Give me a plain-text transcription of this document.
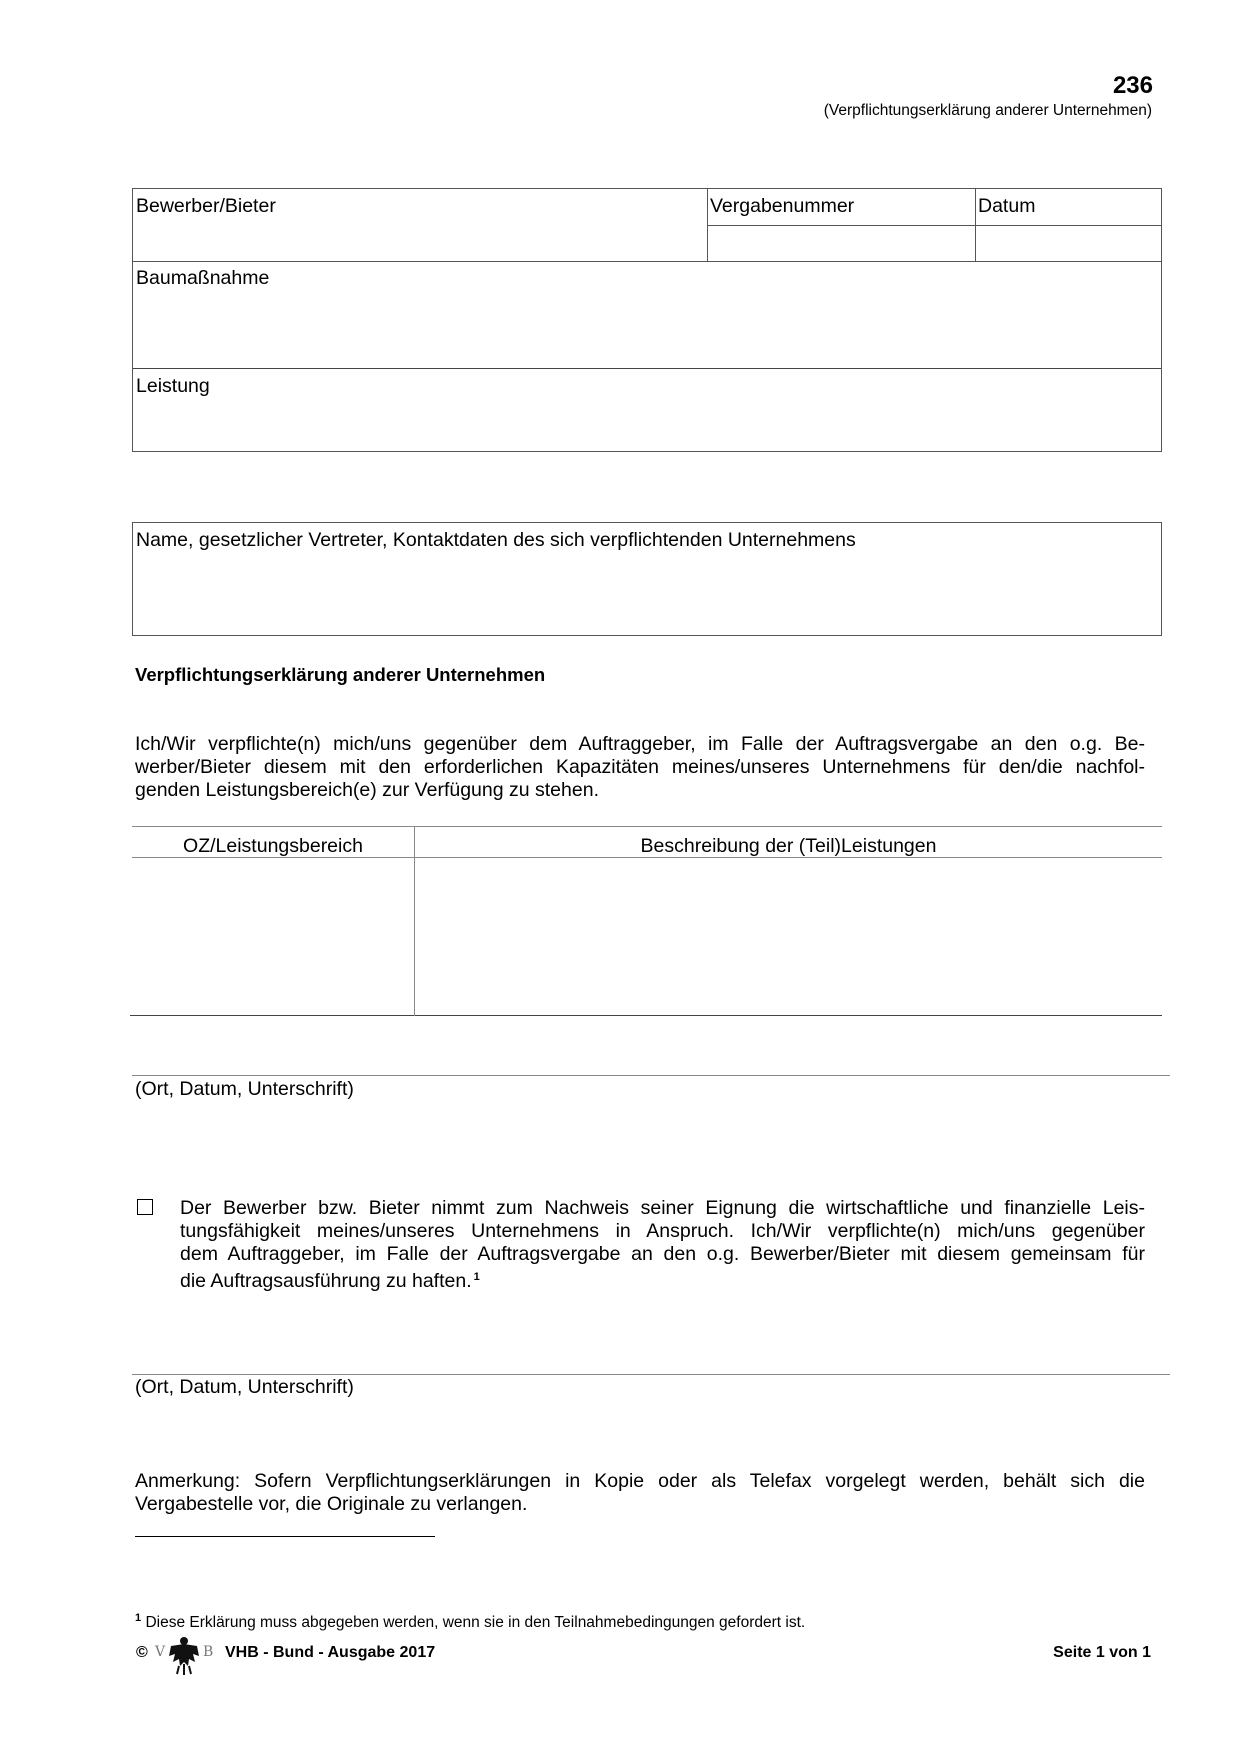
236
(Verpflichtungserklärung anderer Unternehmen)
Bewerber/Bieter	Vergabenummer	Datum
Baumaßnahme
Leistung
Name, gesetzlicher Vertreter, Kontaktdaten des sich verpflichtenden Unternehmens
Verpflichtungserklärung anderer Unternehmen
Ich/Wir verpflichte(n) mich/uns gegenüber dem Auftraggeber, im Falle der Auftragsvergabe an den o.g. Be-
werber/Bieter diesem mit den erforderlichen Kapazitäten meines/unseres Unternehmens für den/die nachfol-
genden Leistungsbereich(e) zur Verfügung zu stehen.
OZ/Leistungsbereich	Beschreibung der (Teil)Leistungen
(Ort, Datum, Unterschrift)
Der Bewerber bzw. Bieter nimmt zum Nachweis seiner Eignung die wirtschaftliche und finanzielle Leis-
tungsfähigkeit meines/unseres Unternehmens in Anspruch. Ich/Wir verpflichte(n) mich/uns gegenüber
dem Auftraggeber, im Falle der Auftragsvergabe an den o.g. Bewerber/Bieter mit diesem gemeinsam für
die Auftragsausführung zu haften. $^1$
(Ort, Datum, Unterschrift)
Anmerkung: Sofern Verpflichtungserklärungen in Kopie oder als Telefax vorgelegt werden, behält sich die
Vergabestelle vor, die Originale zu verlangen.
$^1$ Diese Erklärung muss abgegeben werden, wenn sie in den Teilnahmebedingungen gefordert ist.
© V	B VHB - Bund - Ausgabe 2017	Seite 1 von 1
